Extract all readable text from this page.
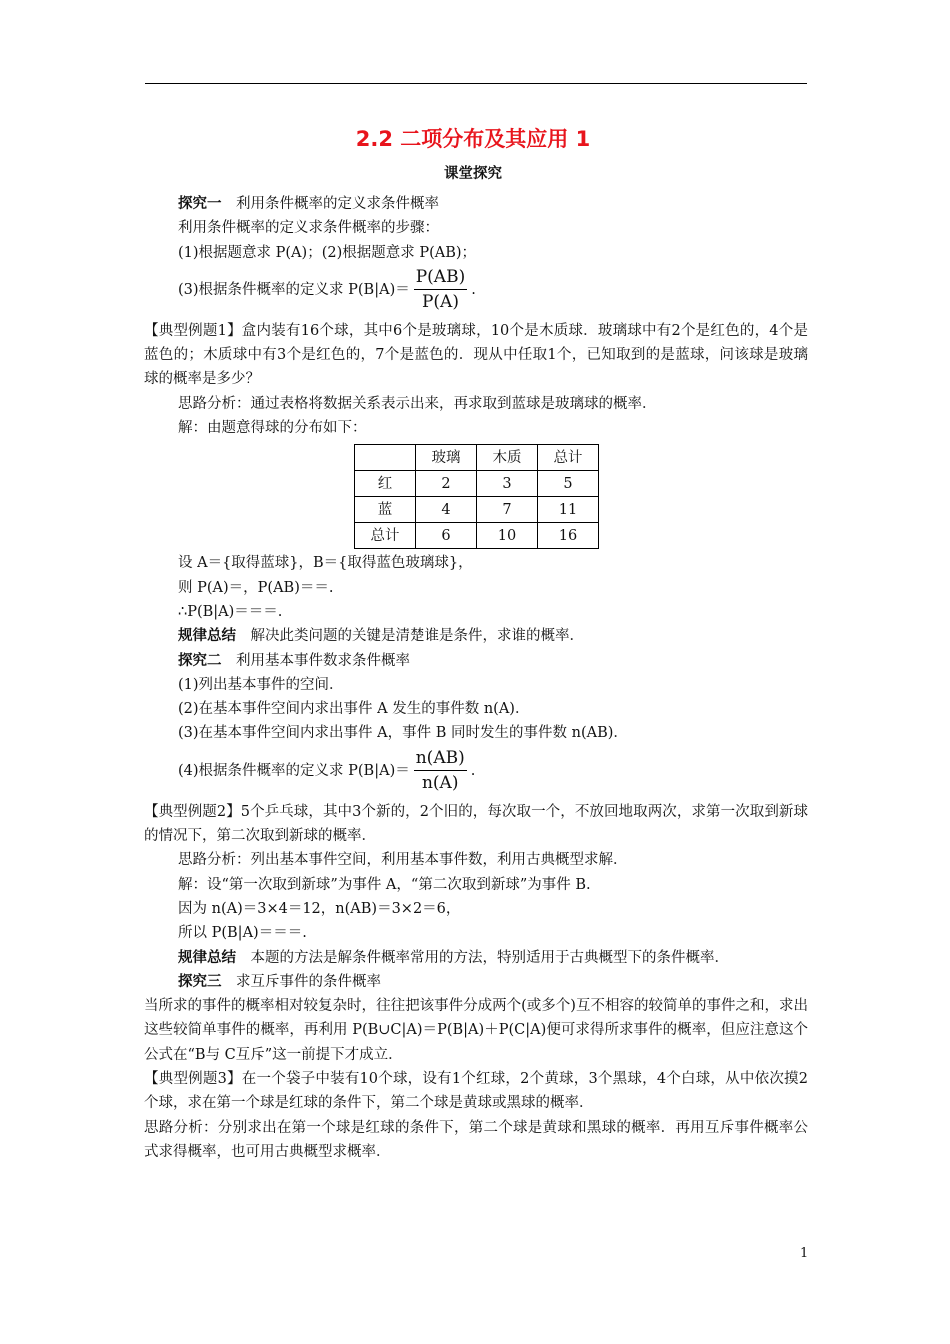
2.2 二项分布及其应用 1
课堂探究
探究一　利用条件概率的定义求条件概率
利用条件概率的定义求条件概率的步骤：
(1)根据题意求 P(A)；(2)根据题意求 P(AB)；
(3)根据条件概率的定义求 $P(B|A)= \frac{P(AB)}{P(A)}$ .
【典型例题1】盒内装有16个球，其中6个是玻璃球，10个是木质球．玻璃球中有2个是红色的，4个是蓝色的；木质球中有3个是红色的，7个是蓝色的．现从中任取1个，已知取到的是蓝球，问该球是玻璃球的概率是多少？
思路分析：通过表格将数据关系表示出来，再求取到蓝球是玻璃球的概率．
解：由题意得球的分布如下：
	玻璃	木质	总计
红	2	3	5
蓝	4	7	11
总计	6	10	16
设 A＝{取得蓝球}，B＝{取得蓝色玻璃球}，
则 P(A)＝，P(AB)＝＝.
∴P(B|A)＝＝＝.
规律总结　解决此类问题的关键是清楚谁是条件，求谁的概率．
探究二　利用基本事件数求条件概率
(1)列出基本事件的空间．
(2)在基本事件空间内求出事件 A 发生的事件数 n(A)．
(3)在基本事件空间内求出事件 A，事件 B 同时发生的事件数 n(AB)．
(4)根据条件概率的定义求 $P(B|A)= \frac{n(AB)}{n(A)}$ .
【典型例题2】5个乒乓球，其中3个新的，2个旧的，每次取一个，不放回地取两次，求第一次取到新球的情况下，第二次取到新球的概率．
思路分析：列出基本事件空间，利用基本事件数，利用古典概型求解．
解：设“第一次取到新球”为事件 A，“第二次取到新球”为事件 B.
因为 n(A)＝3×4＝12，n(AB)＝3×2＝6，
所以 P(B|A)＝＝＝.
规律总结　本题的方法是解条件概率常用的方法，特别适用于古典概型下的条件概率．
探究三　求互斥事件的条件概率
当所求的事件的概率相对较复杂时，往往把该事件分成两个(或多个)互不相容的较简单的事件之和，求出这些较简单事件的概率，再利用 P(B∪C|A)＝P(B|A)＋P(C|A)便可求得所求事件的概率，但应注意这个公式在“B与 C互斥”这一前提下才成立．
【典型例题3】在一个袋子中装有10个球，设有1个红球，2个黄球，3个黑球，4个白球，从中依次摸2个球，求在第一个球是红球的条件下，第二个球是黄球或黑球的概率．
思路分析：分别求出在第一个球是红球的条件下，第二个球是黄球和黑球的概率．再用互斥事件概率公式求得概率，也可用古典概型求概率．
1
